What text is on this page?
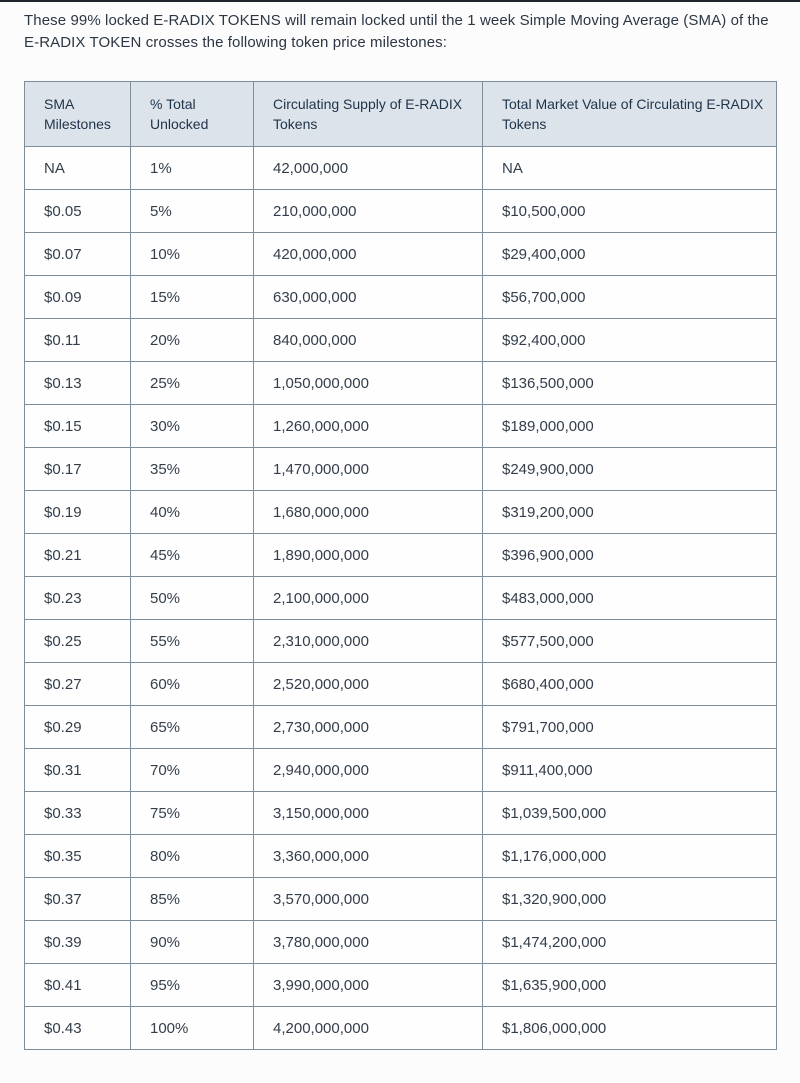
These 99% locked E-RADIX TOKENS will remain locked until the 1 week Simple Moving Average (SMA) of the E-RADIX TOKEN crosses the following token price milestones:

SMA Milestones	% Total Unlocked	Circulating Supply of E-RADIX Tokens	Total Market Value of Circulating E-RADIX Tokens
NA	1%	42,000,000	NA
$0.05	5%	210,000,000	$10,500,000
$0.07	10%	420,000,000	$29,400,000
$0.09	15%	630,000,000	$56,700,000
$0.11	20%	840,000,000	$92,400,000
$0.13	25%	1,050,000,000	$136,500,000
$0.15	30%	1,260,000,000	$189,000,000
$0.17	35%	1,470,000,000	$249,900,000
$0.19	40%	1,680,000,000	$319,200,000
$0.21	45%	1,890,000,000	$396,900,000
$0.23	50%	2,100,000,000	$483,000,000
$0.25	55%	2,310,000,000	$577,500,000
$0.27	60%	2,520,000,000	$680,400,000
$0.29	65%	2,730,000,000	$791,700,000
$0.31	70%	2,940,000,000	$911,400,000
$0.33	75%	3,150,000,000	$1,039,500,000
$0.35	80%	3,360,000,000	$1,176,000,000
$0.37	85%	3,570,000,000	$1,320,900,000
$0.39	90%	3,780,000,000	$1,474,200,000
$0.41	95%	3,990,000,000	$1,635,900,000
$0.43	100%	4,200,000,000	$1,806,000,000
